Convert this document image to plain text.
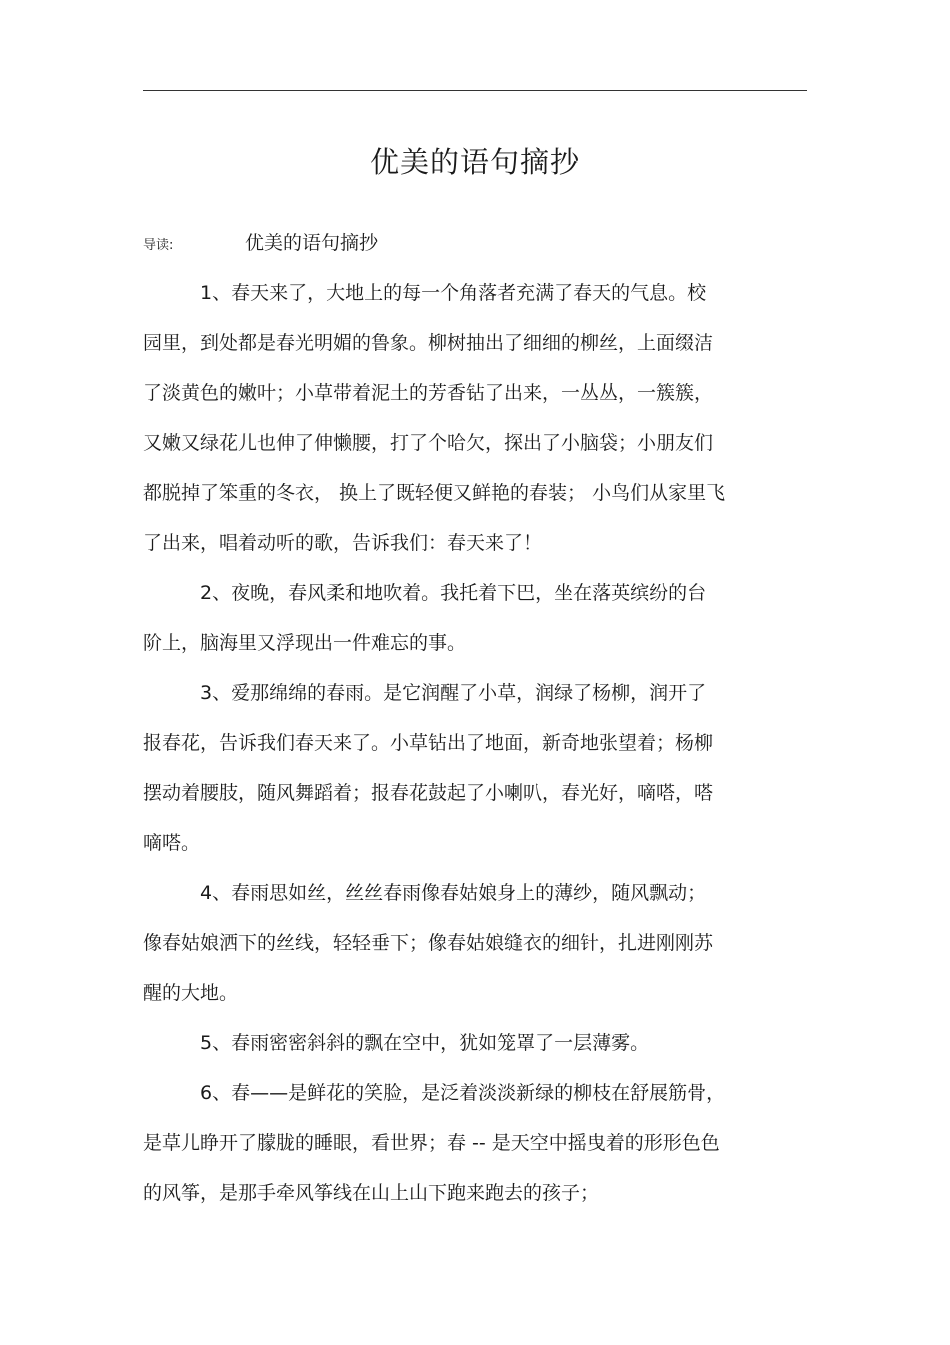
优美的语句摘抄
导读:	优美的语句摘抄
1、春天来了，大地上的每一个角落者充满了春天的气息。校
园里，到处都是春光明媚的鲁象。柳树抽出了细细的柳丝，上面缀洁
了淡黄色的嫩叶；小草带着泥土的芳香钻了出来，一丛丛，一簇簇，
又嫩又绿花儿也伸了伸懒腰，打了个哈欠，探出了小脑袋；小朋友们
都脱掉了笨重的冬衣， 换上了既轻便又鲜艳的春装； 小鸟们从家里飞
了出来，唱着动听的歌，告诉我们：春天来了！
2、夜晚，春风柔和地吹着。我托着下巴，坐在落英缤纷的台
阶上，脑海里又浮现出一件难忘的事。
3、爱那绵绵的春雨。是它润醒了小草，润绿了杨柳，润开了
报春花，告诉我们春天来了。小草钻出了地面，新奇地张望着；杨柳
摆动着腰肢，随风舞蹈着；报春花鼓起了小喇叭，春光好，嘀嗒，嗒
嘀嗒。
4、春雨思如丝，丝丝春雨像春姑娘身上的薄纱，随风飘动；
像春姑娘洒下的丝线，轻轻垂下；像春姑娘缝衣的细针，扎进刚刚苏
醒的大地。
5、春雨密密斜斜的飘在空中，犹如笼罩了一层薄雾。
6、春——是鲜花的笑脸，是泛着淡淡新绿的柳枝在舒展筋骨，
是草儿睁开了朦胧的睡眼，看世界；春 -- 是天空中摇曳着的形形色色
的风筝，是那手牵风筝线在山上山下跑来跑去的孩子；
